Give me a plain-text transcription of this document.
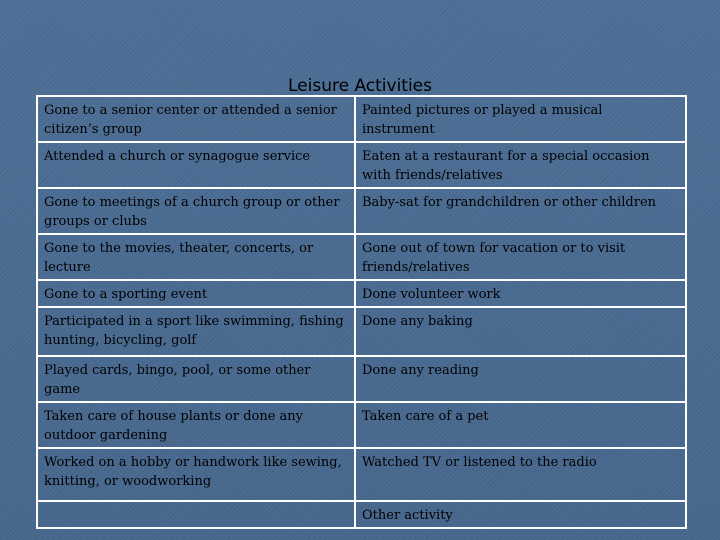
Leisure Activities
Gone to a senior center or attended a senior citizen’s group	Painted pictures or played a musical instrument
Attended a church or synagogue service	Eaten at a restaurant for a special occasion with friends/relatives
Gone to meetings of a church group or other groups or clubs	Baby-sat for grandchildren or other children
Gone to the movies, theater, concerts, or lecture	Gone out of town for vacation or to visit friends/relatives
Gone to a sporting event	Done volunteer work
Participated in a sport like swimming, fishing hunting, bicycling, golf	Done any baking
Played cards, bingo, pool, or some other game	Done any reading
Taken care of house plants or done any outdoor gardening	Taken care of a pet
Worked on a hobby or handwork like sewing, knitting, or woodworking	Watched TV or listened to the radio
	Other activity
